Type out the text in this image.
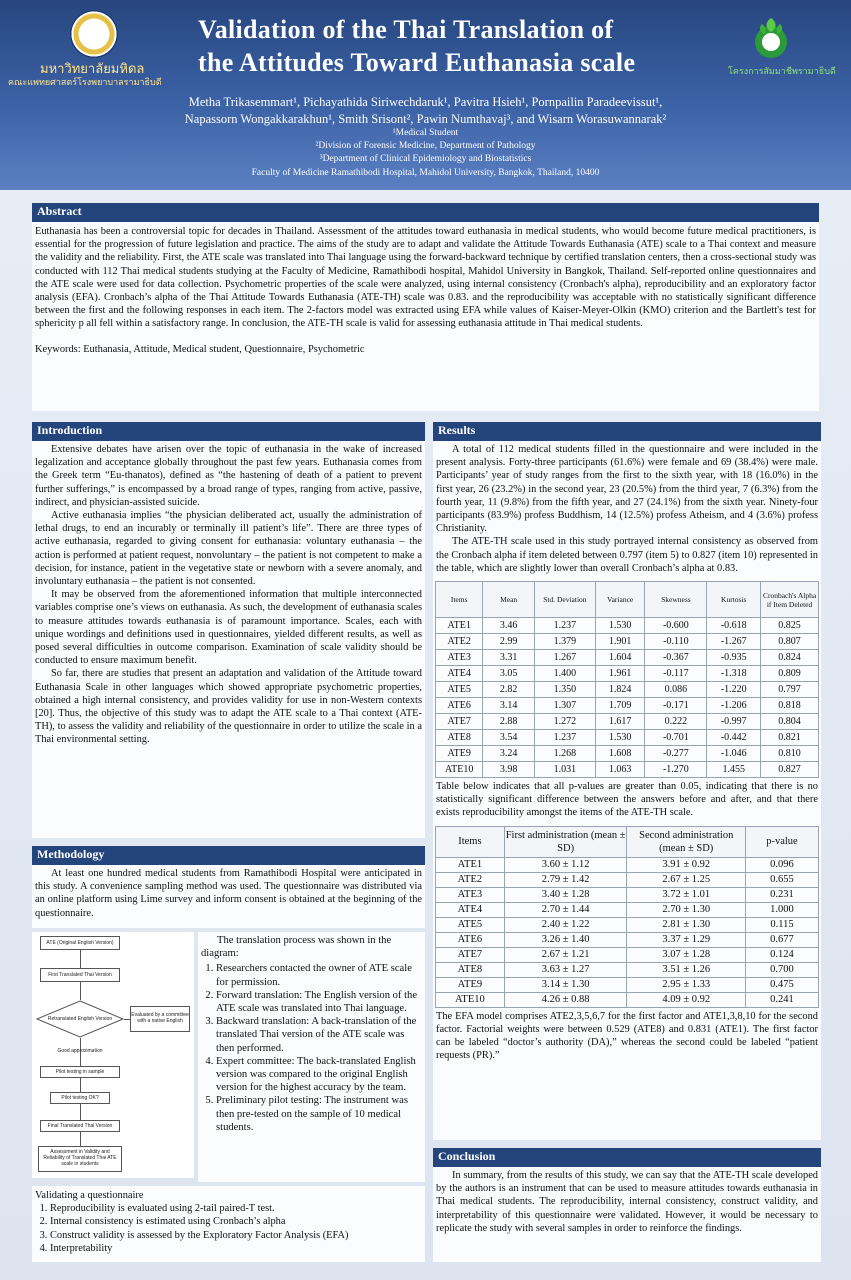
มหาวิทยาลัยมหิดล
คณะแพทยศาสตร์โรงพยาบาลรามาธิบดี
Validation of the Thai Translation of
the Attitudes Toward Euthanasia scale	โครงการสัมมาชีพรามาธิบดี
Metha Trikasemmart¹, Pichayathida Siriwechdaruk¹, Pavitra Hsieh¹, Pornpailin Paradeevissut¹,
Napassorn Wongakkarakhun¹, Smith Srisont², Pawin Numthavaj³, and Wisarn Worasuwannarak²
¹Medical Student
²Division of Forensic Medicine, Department of Pathology
³Department of Clinical Epidemiology and Biostatistics
Faculty of Medicine Ramathibodi Hospital, Mahidol University, Bangkok, Thailand, 10400
Abstract
Euthanasia has been a controversial topic for decades in Thailand. Assessment of the attitudes toward euthanasia in medical students, who would become future medical practitioners, is essential for the progression of future legislation and practice. The aims of the study are to adapt and validate the Attitude Towards Euthanasia (ATE) scale to a Thai context and measure the validity and the reliability. First, the ATE scale was translated into Thai language using the forward-backward technique by certified translation centers, then a cross-sectional study was conducted with 112 Thai medical students studying at the Faculty of Medicine, Ramathibodi hospital, Mahidol University in Bangkok, Thailand. Self-reported online questionnaires and the ATE scale were used for data collection. Psychometric properties of the scale were analyzed, using internal consistency (Cronbach's alpha), reproducibility and an exploratory factor analysis (EFA). Cronbach’s alpha of the Thai Attitude Towards Euthanasia (ATE-TH) scale was 0.83. and the reproducibility was acceptable with no statistically significant difference between the first and the following responses in each item. The 2-factors model was extracted using EFA while values of Kaiser-Meyer-Olkin (KMO) criterion and the Bartlett's test for sphericity p all fell within a satisfactory range. In conclusion, the ATE-TH scale is valid for assessing euthanasia attitude in Thai medical students.
Keywords: Euthanasia, Attitude, Medical student, Questionnaire, Psychometric
Introduction
Extensive debates have arisen over the topic of euthanasia in the wake of increased legalization and acceptance globally throughout the past few years. Euthanasia comes from the Greek term “Eu-thanatos), defined as “the hastening of death of a patient to prevent further sufferings,” is encompassed by a broad range of types, ranging from active, passive, indirect, and physician-assisted suicide.
Active euthanasia implies “the physician deliberated act, usually the administration of lethal drugs, to end an incurably or terminally ill patient’s life”. There are three types of active euthanasia, regarded to giving consent for euthanasia: voluntary euthanasia – the action is performed at patient request, nonvoluntary – the patient is not competent to make a decision, for instance, patient in the vegetative state or newborn with a severe anomaly, and involuntary euthanasia – the patient is not consented.
It may be observed from the aforementioned information that multiple interconnected variables comprise one’s views on euthanasia. As such, the development of euthanasia scales to measure attitudes towards euthanasia is of paramount importance. Scales, each with unique wordings and definitions used in questionnaires, yielded different results, as well as posed several difficulties in outcome comparison. Examination of scale validity should be conducted to ensure maximum benefit.
So far, there are studies that present an adaptation and validation of the Attitude toward Euthanasia Scale in other languages which showed appropriate psychometric properties, obtained a high internal consistency, and provides validity for use in non-Western contexts [20]. Thus, the objective of this study was to adapt the ATE scale to a Thai context (ATE-TH), to assess the validity and reliability of the questionnaire in order to utilize the scale in a Thai environmental setting.
Methodology
At least one hundred medical students from Ramathibodi Hospital were anticipated in this study. A convenience sampling method was used. The questionnaire was distributed via an online platform using Lime survey and inform consent is obtained at the beginning of the questionnaire.
ATE (Original English Version)
First Translated Thai Version
Retranslated English Version
Evaluated by a committee with a native English
Good approximation
Pilot testing in sample
Pilot testing OK?
Final Translated Thai Version
Assessment in Validity and Reliability of Translated Thai ATE scale in students
The translation process was shown in the diagram:
1. Researchers contacted the owner of ATE scale for permission.
2. Forward translation: The English version of the ATE scale was translated into Thai language.
3. Backward translation: A back-translation of the translated Thai version of the ATE scale was then performed.
4. Expert committee: The back-translated English version was compared to the original English version for the highest accuracy by the team.
5. Preliminary pilot testing: The instrument was then pre-tested on the sample of 10 medical students.
Validating a questionnaire
1. Reproducibility is evaluated using 2-tail paired-T test.
2. Internal consistency is estimated using Cronbach’s alpha
3. Construct validity is assessed by the Exploratory Factor Analysis (EFA)
4. Interpretability
Results
A total of 112 medical students filled in the questionnaire and were included in the present analysis. Forty-three participants (61.6%) were female and 69 (38.4%) were male. Participants’ year of study ranges from the first to the sixth year, with 18 (16.0%) in the first year, 26 (23.2%) in the second year, 23 (20.5%) from the third year, 7 (6.3%) from the fourth year, 11 (9.8%) from the fifth year, and 27 (24.1%) from the sixth year. Ninety-four participants (83.9%) profess Buddhism, 14 (12.5%) profess Atheism, and 4 (3.6%) profess Christianity.
The ATE-TH scale used in this study portrayed internal consistency as observed from the Cronbach alpha if item deleted between 0.797 (item 5) to 0.827 (item 10) represented in the table, which are slightly lower than overall Cronbach’s alpha at 0.83.
Items	Mean	Std. Deviation	Variance	Skewness	Kurtosis	Cronbach's Alpha if Item Deleted
ATE1	3.46	1.237	1.530	-0.600	-0.618	0.825
ATE2	2.99	1.379	1.901	-0.110	-1.267	0.807
ATE3	3.31	1.267	1.604	-0.367	-0.935	0.824
ATE4	3.05	1.400	1.961	-0.117	-1.318	0.809
ATE5	2.82	1.350	1.824	0.086	-1.220	0.797
ATE6	3.14	1.307	1.709	-0.171	-1.206	0.818
ATE7	2.88	1.272	1.617	0.222	-0.997	0.804
ATE8	3.54	1.237	1.530	-0.701	-0.442	0.821
ATE9	3.24	1.268	1.608	-0.277	-1.046	0.810
ATE10	3.98	1.031	1.063	-1.270	1.455	0.827
Table below indicates that all p-values are greater than 0.05, indicating that there is no statistically significant difference between the answers before and after, and that there exists reproducibility amongst the items of the ATE-TH scale.
Items	First administration (mean ± SD)	Second administration (mean ± SD)	p-value
ATE1	3.60 ± 1.12	3.91 ± 0.92	0.096
ATE2	2.79 ± 1.42	2.67 ± 1.25	0.655
ATE3	3.40 ± 1.28	3.72 ± 1.01	0.231
ATE4	2.70 ± 1.44	2.70 ± 1.30	1.000
ATE5	2.40 ± 1.22	2.81 ± 1.30	0.115
ATE6	3.26 ± 1.40	3.37 ± 1.29	0.677
ATE7	2.67 ± 1.21	3.07 ± 1.28	0.124
ATE8	3.63 ± 1.27	3.51 ± 1.26	0.700
ATE9	3.14 ± 1.30	2.95 ± 1.33	0.475
ATE10	4.26 ± 0.88	4.09 ± 0.92	0.241
The EFA model comprises ATE2,3,5,6,7 for the first factor and ATE1,3,8,10 for the second factor. Factorial weights were between 0.529 (ATE8) and 0.831 (ATE1). The first factor can be labeled “doctor’s authority (DA),” whereas the second could be labeled “patient requests (PR).”
Conclusion
In summary, from the results of this study, we can say that the ATE-TH scale developed by the authors is an instrument that can be used to measure attitudes towards euthanasia in Thai medical students. The reproducibility, internal consistency, construct validity, and interpretability of this questionnaire were validated. However, it would be necessary to replicate the study with several samples in order to reinforce the findings.
